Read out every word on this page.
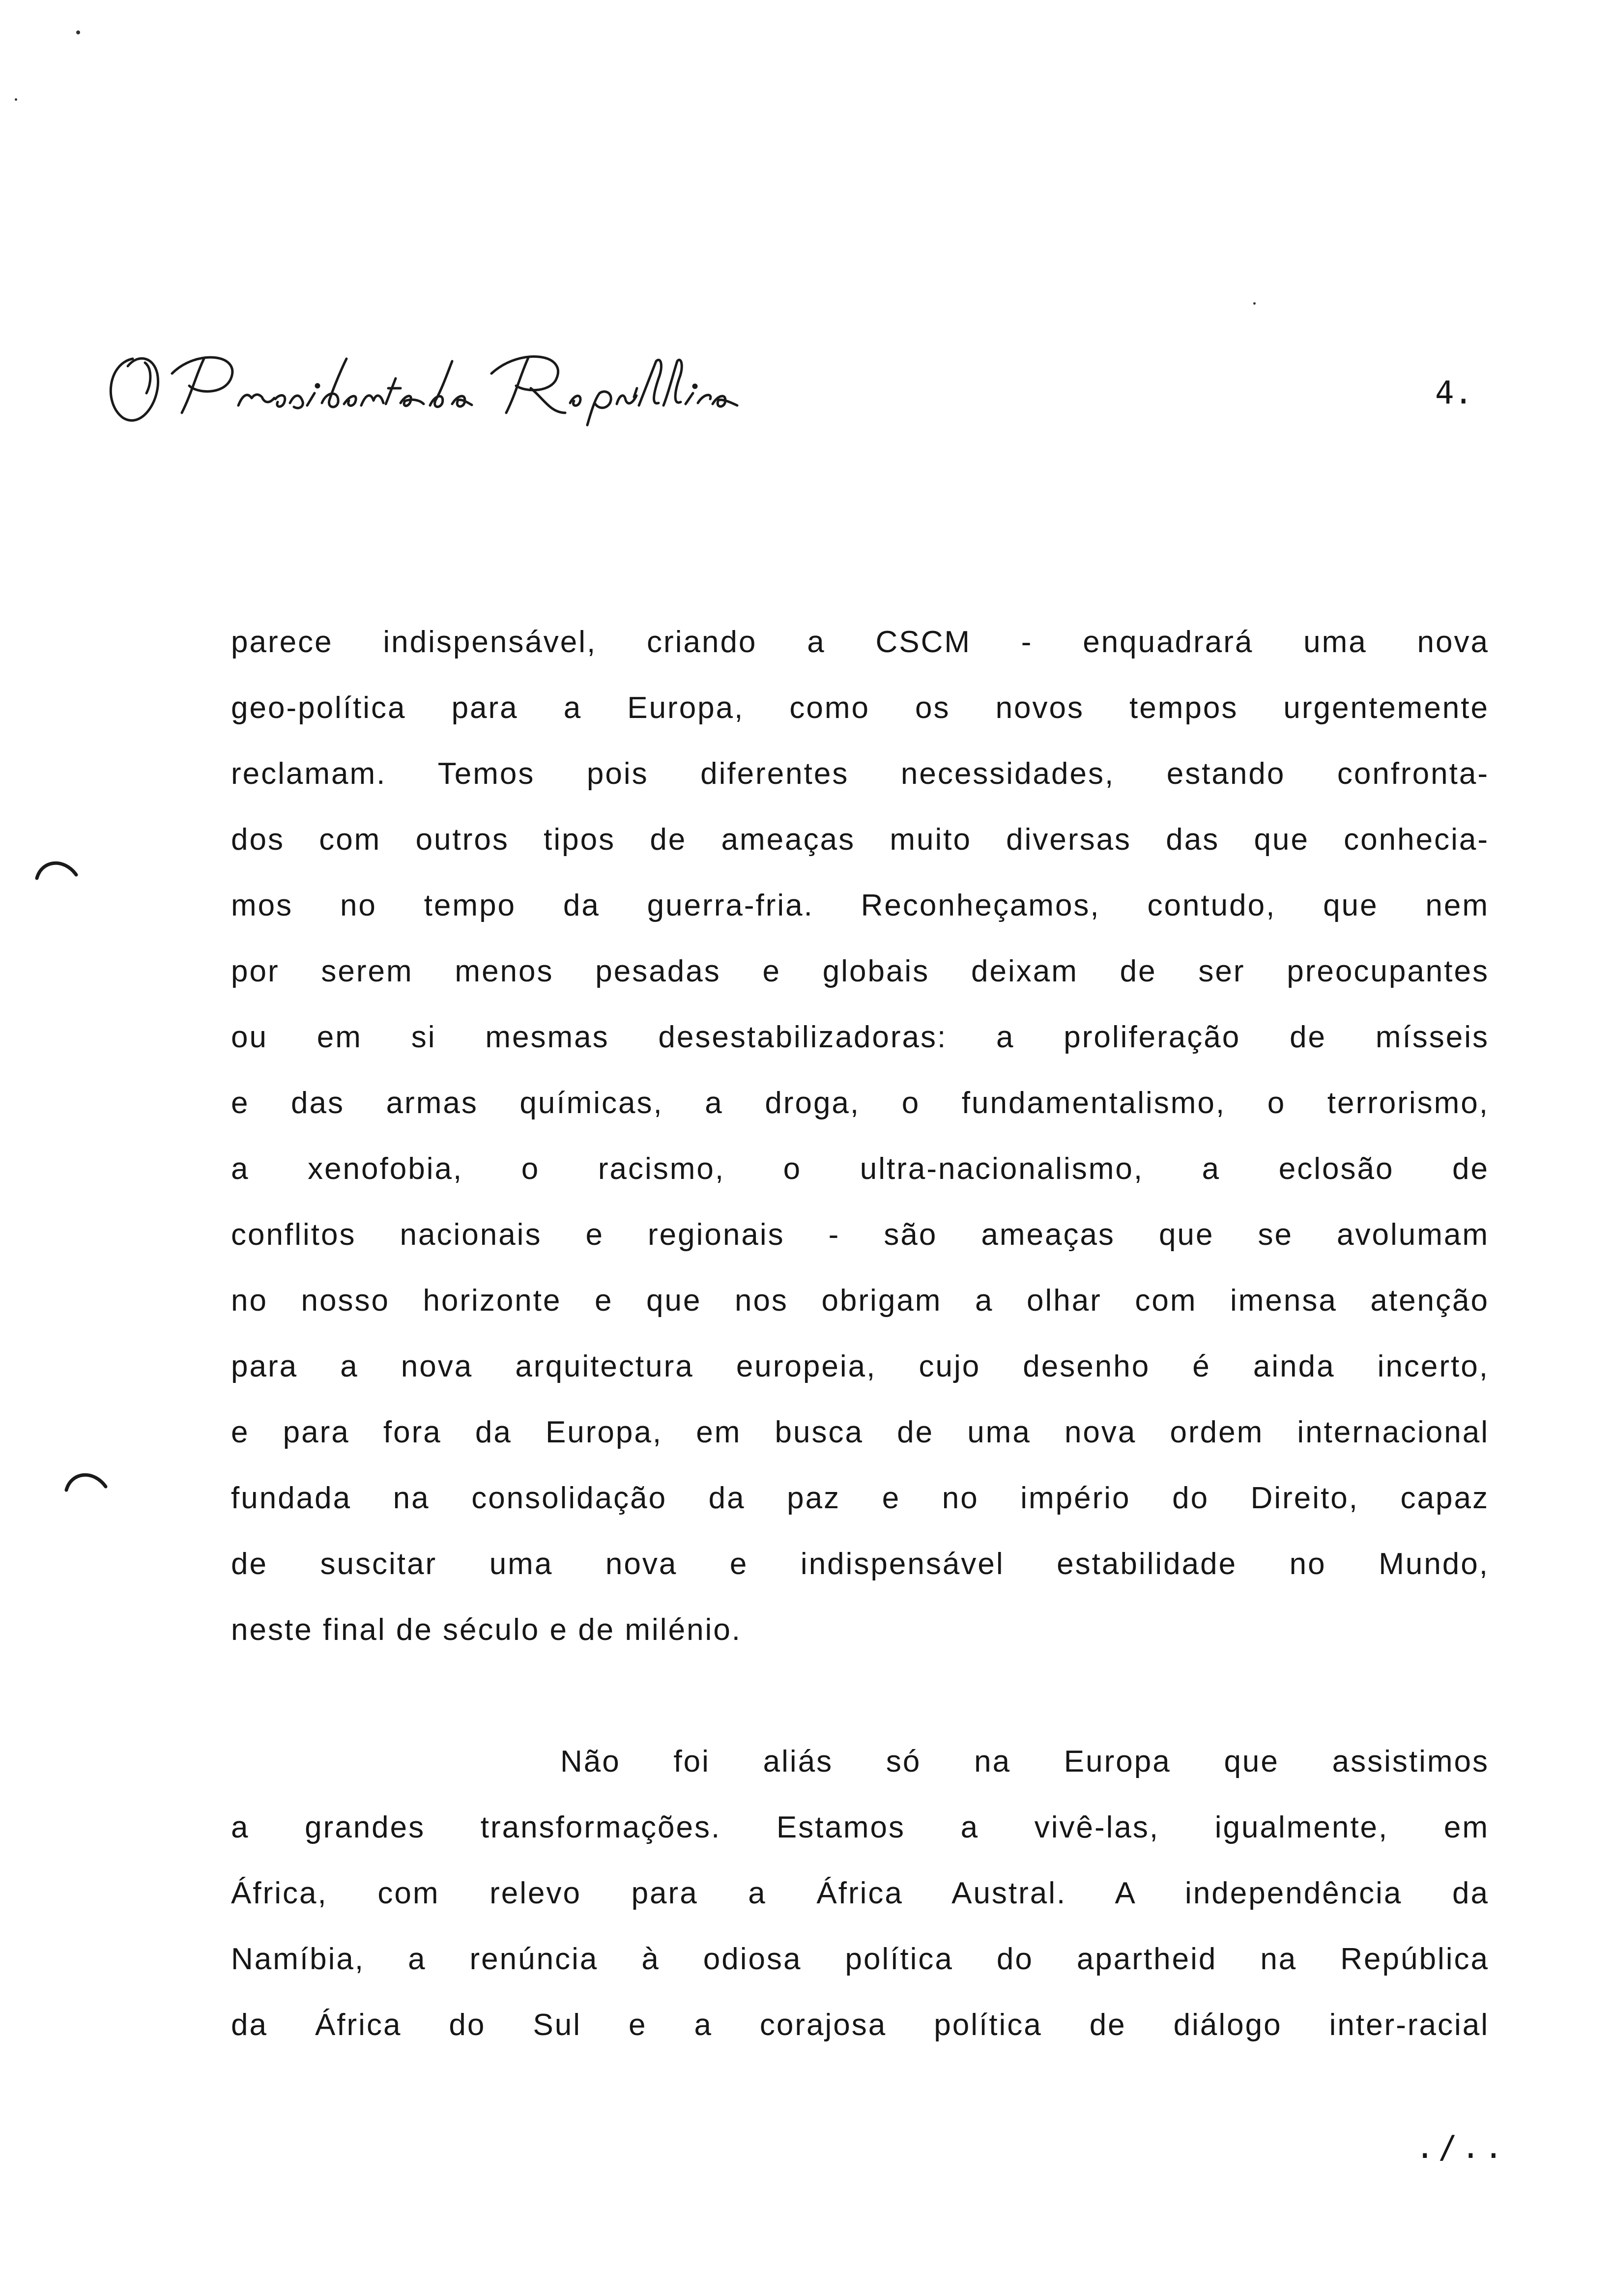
4.
parece indispensável, criando a CSCM - enquadrará uma nova
geo-política para a Europa, como os novos tempos urgentemente
reclamam. Temos pois diferentes necessidades, estando confronta-
dos com outros tipos de ameaças muito diversas das que conhecia-
mos no tempo da guerra-fria. Reconheçamos, contudo, que nem
por serem menos pesadas e globais deixam de ser preocupantes
ou em si mesmas desestabilizadoras: a proliferação de mísseis
e das armas químicas, a droga, o fundamentalismo, o terrorismo,
a xenofobia, o racismo, o ultra-nacionalismo, a eclosão de
conflitos nacionais e regionais - são ameaças que se avolumam
no nosso horizonte e que nos obrigam a olhar com imensa atenção
para a nova arquitectura europeia, cujo desenho é ainda incerto,
e para fora da Europa, em busca de uma nova ordem internacional
fundada na consolidação da paz e no império do Direito, capaz
de suscitar uma nova e indispensável estabilidade no Mundo,
neste final de século e de milénio.
Não foi aliás só na Europa que assistimos
a grandes transformações. Estamos a vivê-las, igualmente, em
África, com relevo para a África Austral. A independência da
Namíbia, a renúncia à odiosa política do apartheid na República
da África do Sul e a corajosa política de diálogo inter-racial
./..
